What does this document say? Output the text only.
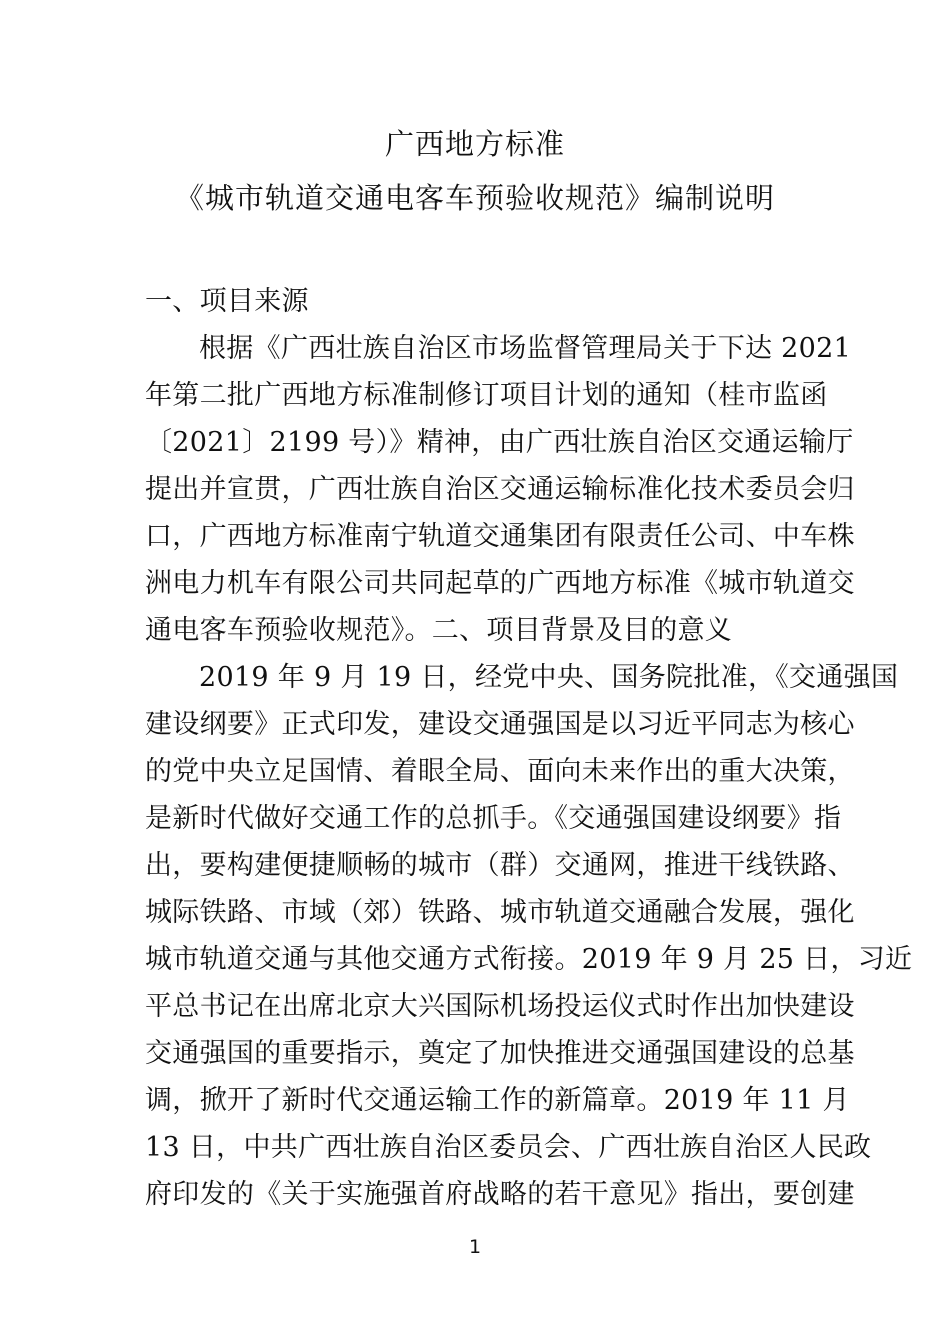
广西地方标准
《城市轨道交通电客车预验收规范》编制说明
一、项目来源
根据《广西壮族自治区市场监督管理局关于下达 2021
年第二批广西地方标准制修订项目计划的通知（桂市监函
〔2021〕2199 号）》精神，由广西壮族自治区交通运输厅
提出并宣贯，广西壮族自治区交通运输标准化技术委员会归
口，广西地方标准南宁轨道交通集团有限责任公司、中车株
洲电力机车有限公司共同起草的广西地方标准《城市轨道交
通电客车预验收规范》。二、项目背景及目的意义
2019 年 9 月 19 日，经党中央、国务院批准，《交通强国
建设纲要》正式印发，建设交通强国是以习近平同志为核心
的党中央立足国情、着眼全局、面向未来作出的重大决策，
是新时代做好交通工作的总抓手。《交通强国建设纲要》指
出，要构建便捷顺畅的城市（群）交通网，推进干线铁路、
城际铁路、市域（郊）铁路、城市轨道交通融合发展，强化
城市轨道交通与其他交通方式衔接。2019 年 9 月 25 日，习近
平总书记在出席北京大兴国际机场投运仪式时作出加快建设
交通强国的重要指示，奠定了加快推进交通强国建设的总基
调，掀开了新时代交通运输工作的新篇章。2019 年 11 月
13 日，中共广西壮族自治区委员会、广西壮族自治区人民政
府印发的《关于实施强首府战略的若干意见》指出，要创建
1
